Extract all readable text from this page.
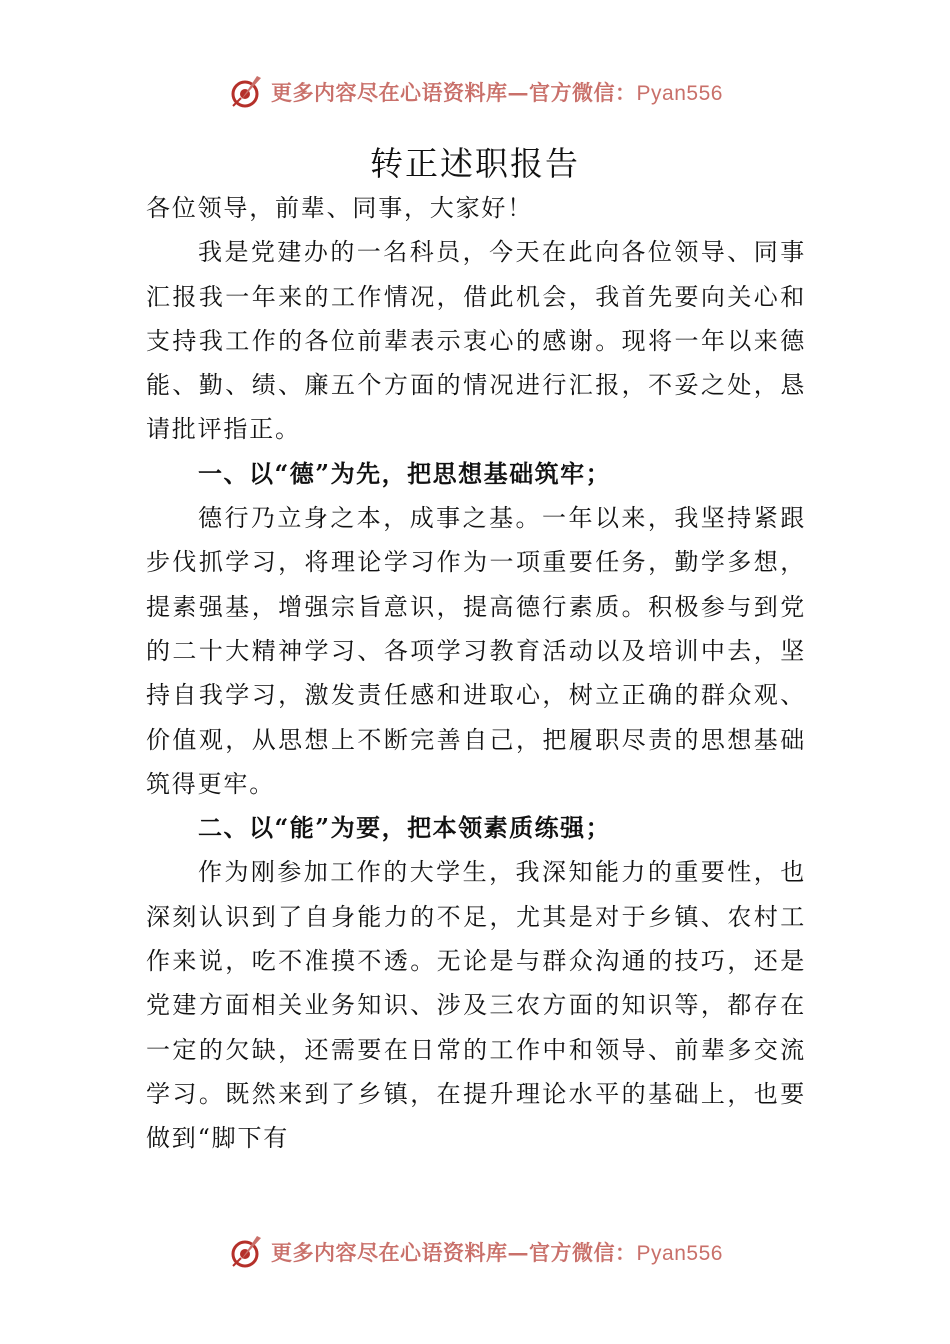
更多内容尽在心语资料库—官方微信：Pyan556
转正述职报告

各位领导，前辈、同事，大家好！

我是党建办的一名科员，今天在此向各位领导、同事汇报我一年来的工作情况，借此机会，我首先要向关心和支持我工作的各位前辈表示衷心的感谢。现将一年以来德能、勤、绩、廉五个方面的情况进行汇报，不妥之处，恳请批评指正。

一、以“德”为先，把思想基础筑牢；

德行乃立身之本，成事之基。一年以来，我坚持紧跟步伐抓学习，将理论学习作为一项重要任务，勤学多想，提素强基，增强宗旨意识，提高德行素质。积极参与到党的二十大精神学习、各项学习教育活动以及培训中去，坚持自我学习，激发责任感和进取心，树立正确的群众观、价值观，从思想上不断完善自己，把履职尽责的思想基础筑得更牢。

二、以“能”为要，把本领素质练强；

作为刚参加工作的大学生，我深知能力的重要性，也深刻认识到了自身能力的不足，尤其是对于乡镇、农村工作来说，吃不准摸不透。无论是与群众沟通的技巧，还是党建方面相关业务知识、涉及三农方面的知识等，都存在一定的欠缺，还需要在日常的工作中和领导、前辈多交流学习。既然来到了乡镇，在提升理论水平的基础上，也要做到“脚下有

更多内容尽在心语资料库—官方微信：Pyan556
